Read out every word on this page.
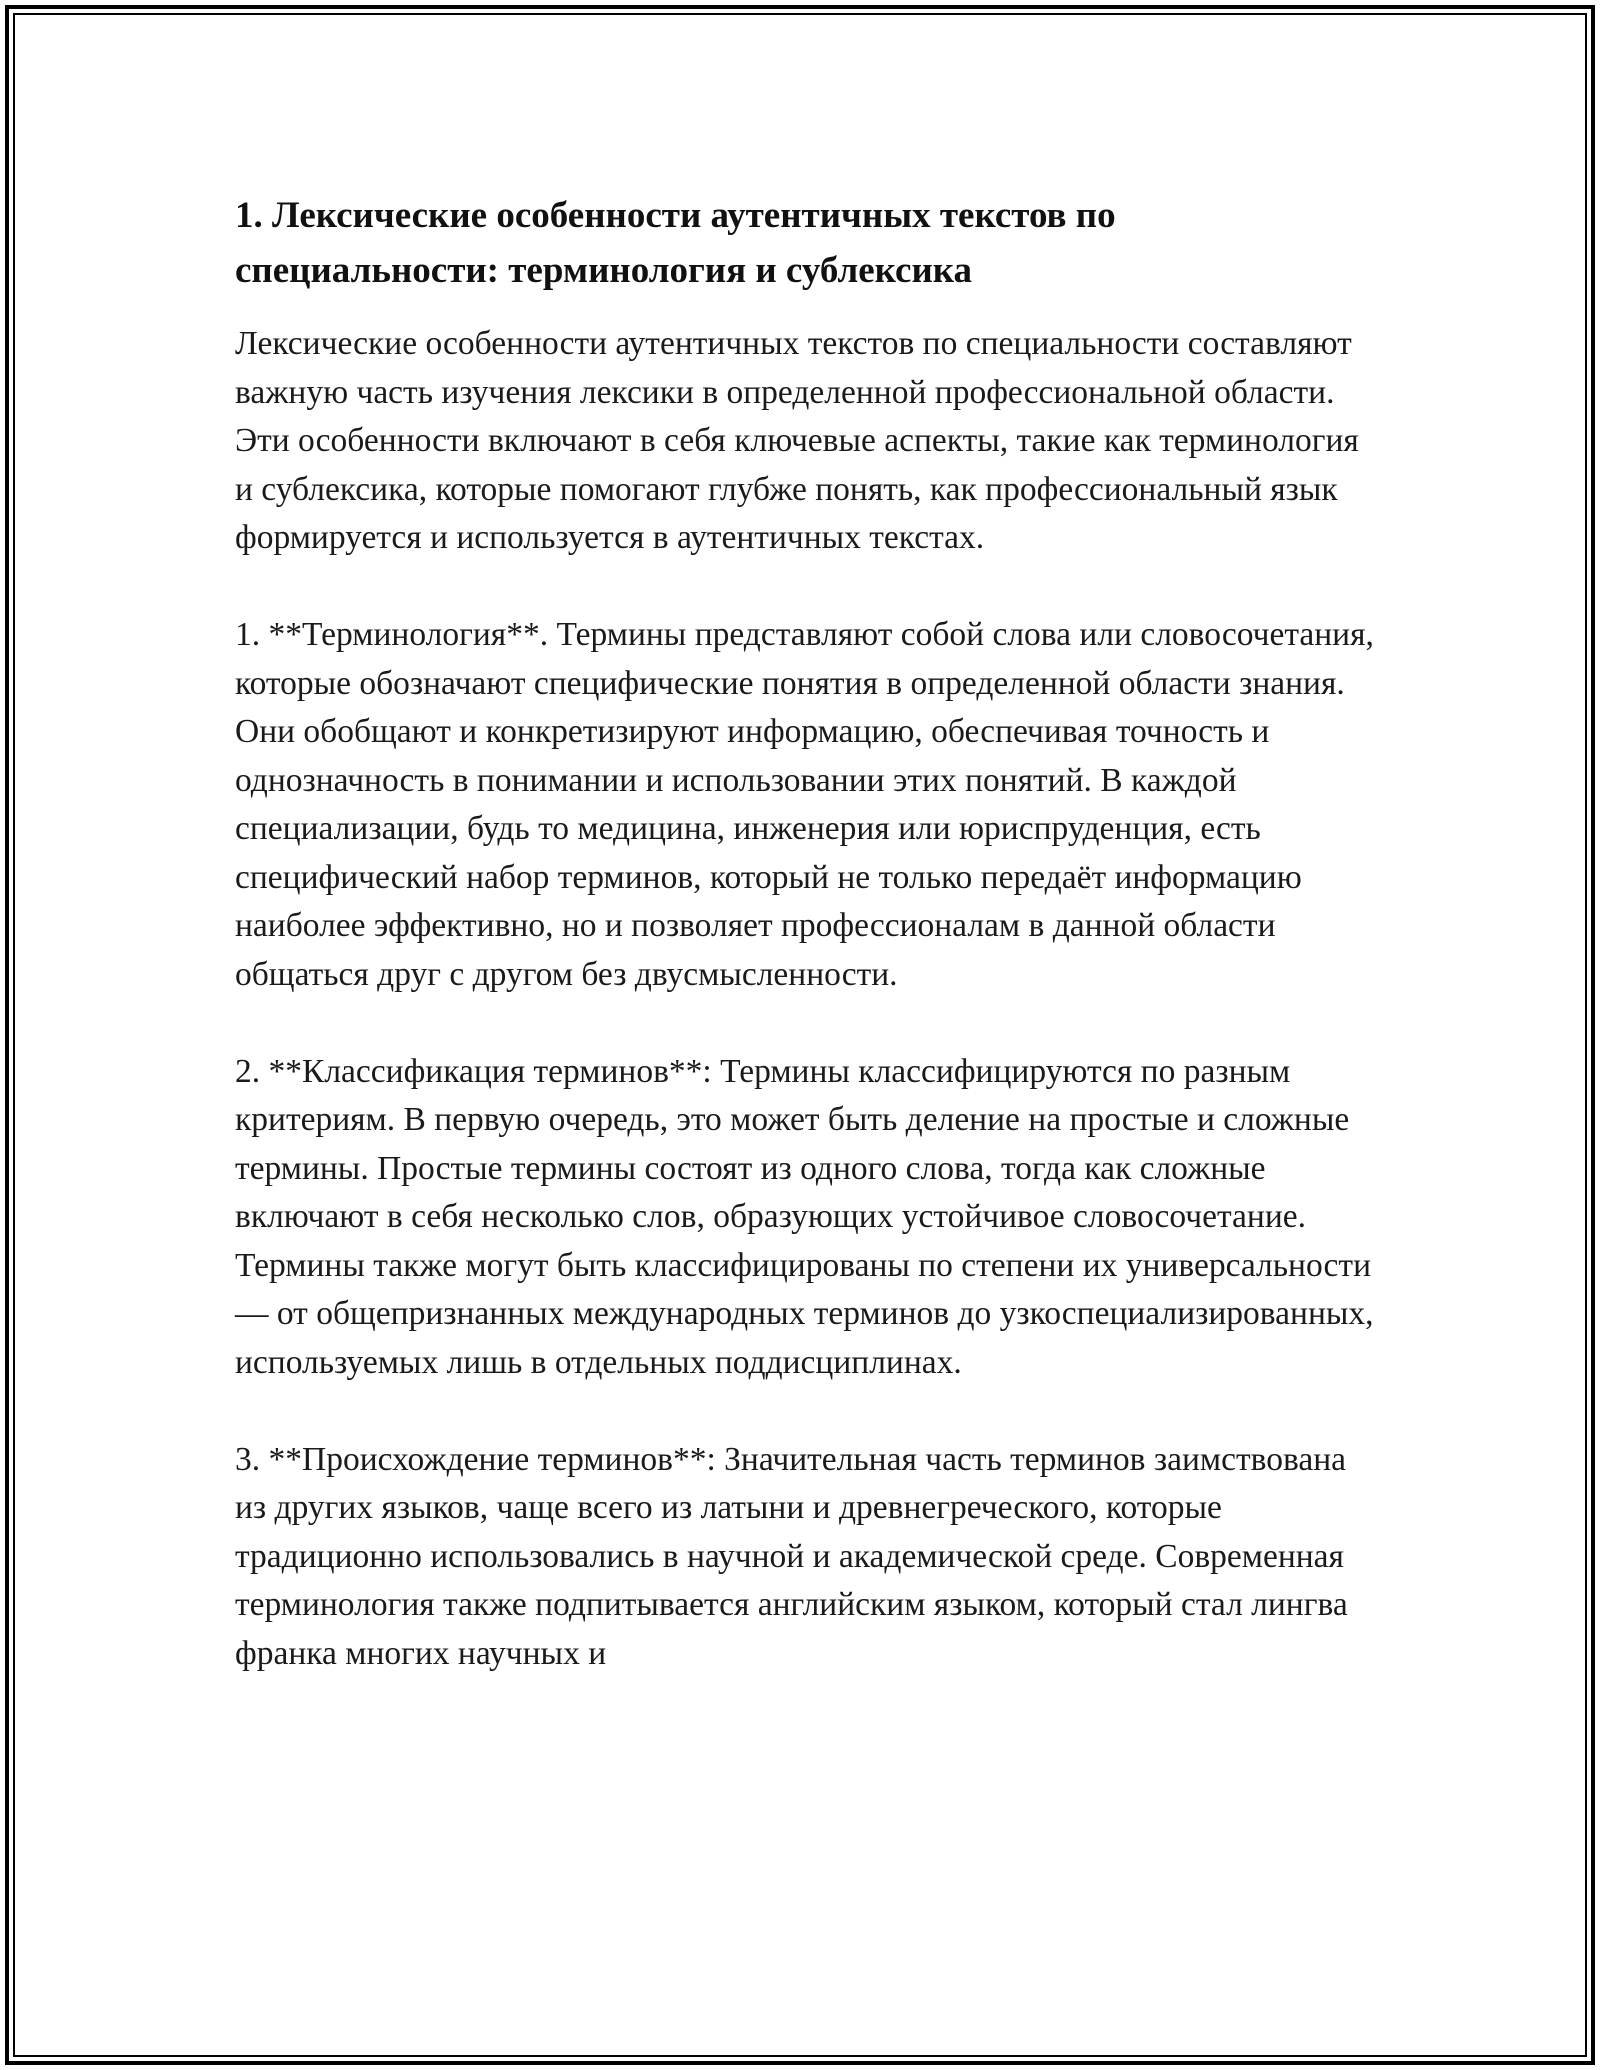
1. Лексические особенности аутентичных текстов по специальности: терминология и сублексика

Лексические особенности аутентичных текстов по специальности составляют важную часть изучения лексики в определенной профессиональной области. Эти особенности включают в себя ключевые аспекты, такие как терминология и сублексика, которые помогают глубже понять, как профессиональный язык формируется и используется в аутентичных текстах.

1. **Терминология**. Термины представляют собой слова или словосочетания, которые обозначают специфические понятия в определенной области знания. Они обобщают и конкретизируют информацию, обеспечивая точность и однозначность в понимании и использовании этих понятий. В каждой специализации, будь то медицина, инженерия или юриспруденция, есть специфический набор терминов, который не только передаёт информацию наиболее эффективно, но и позволяет профессионалам в данной области общаться друг с другом без двусмысленности.

2. **Классификация терминов**: Термины классифицируются по разным критериям. В первую очередь, это может быть деление на простые и сложные термины. Простые термины состоят из одного слова, тогда как сложные включают в себя несколько слов, образующих устойчивое словосочетание. Термины также могут быть классифицированы по степени их универсальности — от общепризнанных международных терминов до узкоспециализированных, используемых лишь в отдельных поддисциплинах.

3. **Происхождение терминов**: Значительная часть терминов заимствована из других языков, чаще всего из латыни и древнегреческого, которые традиционно использовались в научной и академической среде. Современная терминология также подпитывается английским языком, который стал лингва франка многих научных и
